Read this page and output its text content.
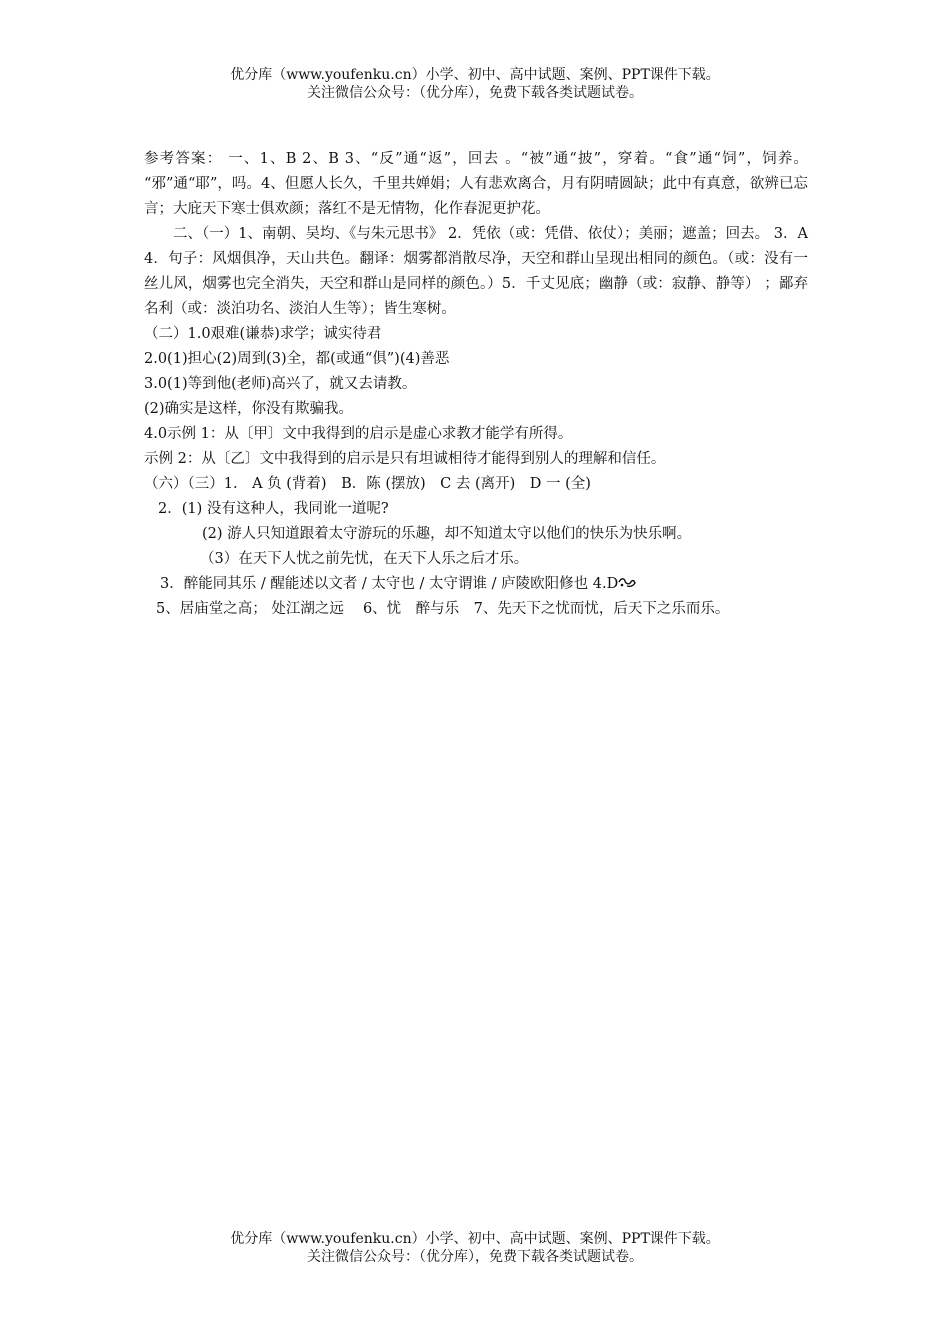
优分库（www.youfenku.cn）小学、初中、高中试题、案例、PPT课件下载。
关注微信公众号：（优分库），免费下载各类试题试卷。

参考答案： 一、1、B 2、B 3、“反”通“返”，回去 。“被”通“披”，穿着。“食”通“饲”，饲养。 “邪”通“耶”，吗。4、但愿人长久，千里共婵娟；人有悲欢离合，月有阴晴圆缺；此中有真意，欲辨已忘言；大庇天下寒士俱欢颜；落红不是无情物，化作春泥更护花。

二、（一）1、南朝、吴均、《与朱元思书》 2．凭依（或：凭借、依仗）；美丽；遮盖；回去。 3．A 4．句子：风烟俱净，天山共色。翻译：烟雾都消散尽净，天空和群山呈现出相同的颜色。（或：没有一丝儿风，烟雾也完全消失，天空和群山是同样的颜色。）5．千丈见底；幽静（或：寂静、静等） ；鄙弃名利（或：淡泊功名、淡泊人生等）；皆生寒树。

（二）1.0艰难(谦恭)求学；诚实待君

2.0(1)担心(2)周到(3)全，都(或通“俱”)(4)善恶

3.0(1)等到他(老师)高兴了，就又去请教。

(2)确实是这样，你没有欺骗我。

4.0示例 1：从〔甲〕文中我得到的启示是虚心求教才能学有所得。

示例 2：从〔乙〕文中我得到的启示是只有坦诚相待才能得到别人的理解和信任。

（六）（三）1.　A 负 (背着)　B．陈 (摆放)　C 去 (离开)　D 一 (全)

2．(1) 没有这种人，我同讹一道呢?

(2) 游人只知道跟着太守游玩的乐趣，却不知道太守以他们的快乐为快乐啊。

（3）在天下人忧之前先忧，在天下人乐之后才乐。

3．醉能同其乐 / 醒能述以文者 / 太守也 / 太守谓谁 / 庐陵欧阳修也 4.D

5、居庙堂之高； 处江湖之远　 6、忧　醉与乐　7、先天下之忧而忧，后天下之乐而乐。

优分库（www.youfenku.cn）小学、初中、高中试题、案例、PPT课件下载。
关注微信公众号：（优分库），免费下载各类试题试卷。
